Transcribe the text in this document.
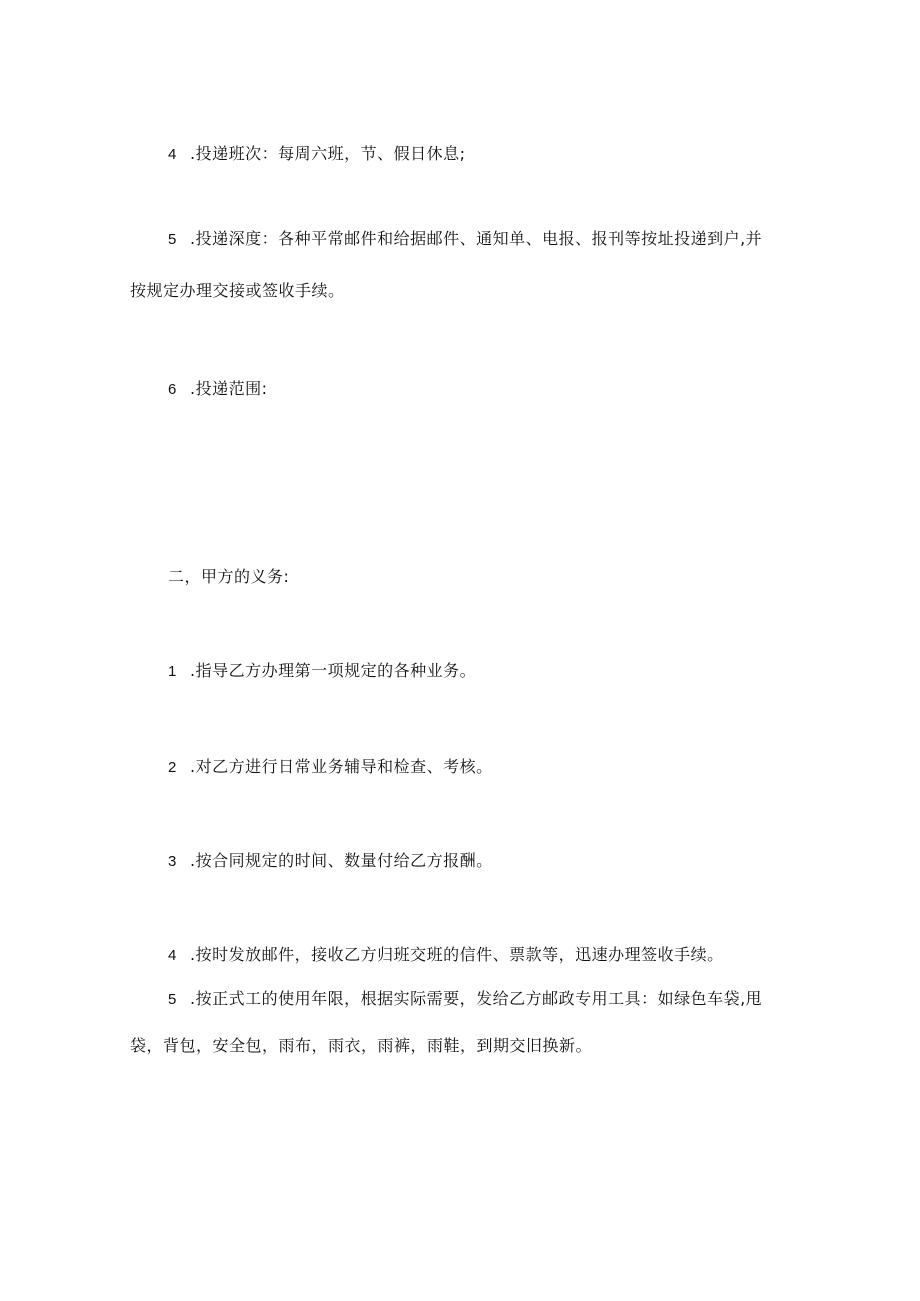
4.投递班次：每周六班，节、假日休息;
5.投递深度：各种平常邮件和给据邮件、通知单、电报、报刊等按址投递到户,并
按规定办理交接或签收手续。
6.投递范围:
二，甲方的义务:
1.指导乙方办理第一项规定的各种业务。
2.对乙方进行日常业务辅导和检查、考核。
3.按合同规定的时间、数量付给乙方报酬。
4.按时发放邮件，接收乙方归班交班的信件、票款等，迅速办理签收手续。
5.按正式工的使用年限，根据实际需要，发给乙方邮政专用工具：如绿色车袋,甩
袋，背包，安全包，雨布，雨衣，雨裤，雨鞋，到期交旧换新。
